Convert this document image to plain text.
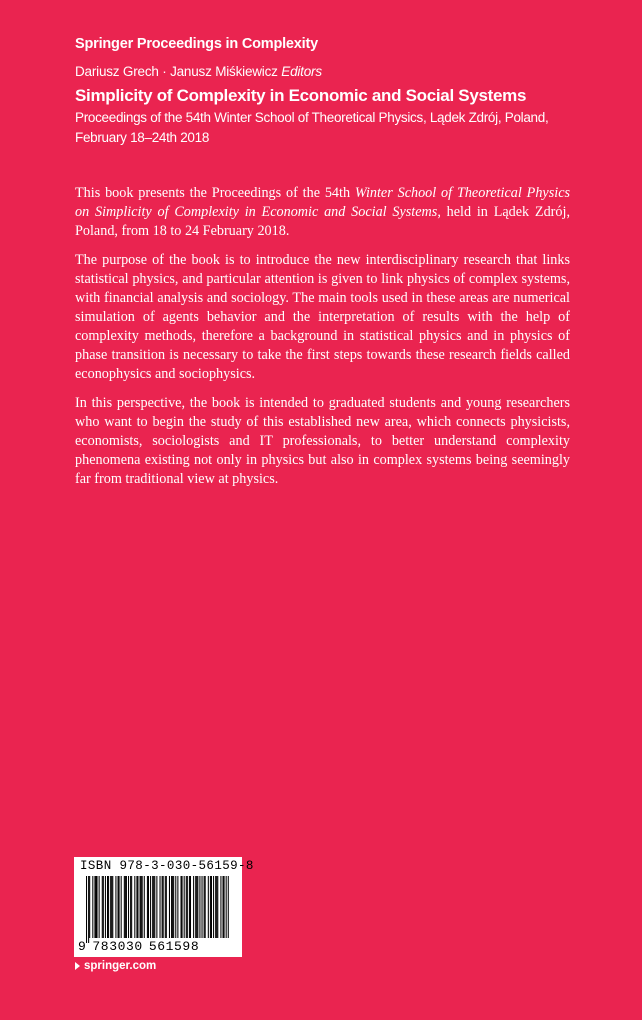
Springer Proceedings in Complexity
Dariusz Grech · Janusz Miśkiewicz Editors
Simplicity of Complexity in Economic and Social Systems
Proceedings of the 54th Winter School of Theoretical Physics, Lądek Zdrój, Poland, February 18–24th 2018

This book presents the Proceedings of the 54th Winter School of Theoretical Physics on Simplicity of Complexity in Economic and Social Systems, held in Lądek Zdrój, Poland, from 18 to 24 February 2018.

The purpose of the book is to introduce the new interdisciplinary research that links statistical physics, and particular attention is given to link physics of complex systems, with financial analysis and sociology. The main tools used in these areas are numerical simulation of agents behavior and the interpretation of results with the help of complexity methods, therefore a background in statistical physics and in physics of phase transition is necessary to take the first steps towards these research fields called econophysics and sociophysics.

In this perspective, the book is intended to graduated students and young researchers who want to begin the study of this established new area, which connects physicists, economists, sociologists and IT professionals, to better understand complexity phenomena existing not only in physics but also in complex systems being seemingly far from traditional view at physics.

ISBN 978-3-030-56159-8
9 783030 561598
springer.com
